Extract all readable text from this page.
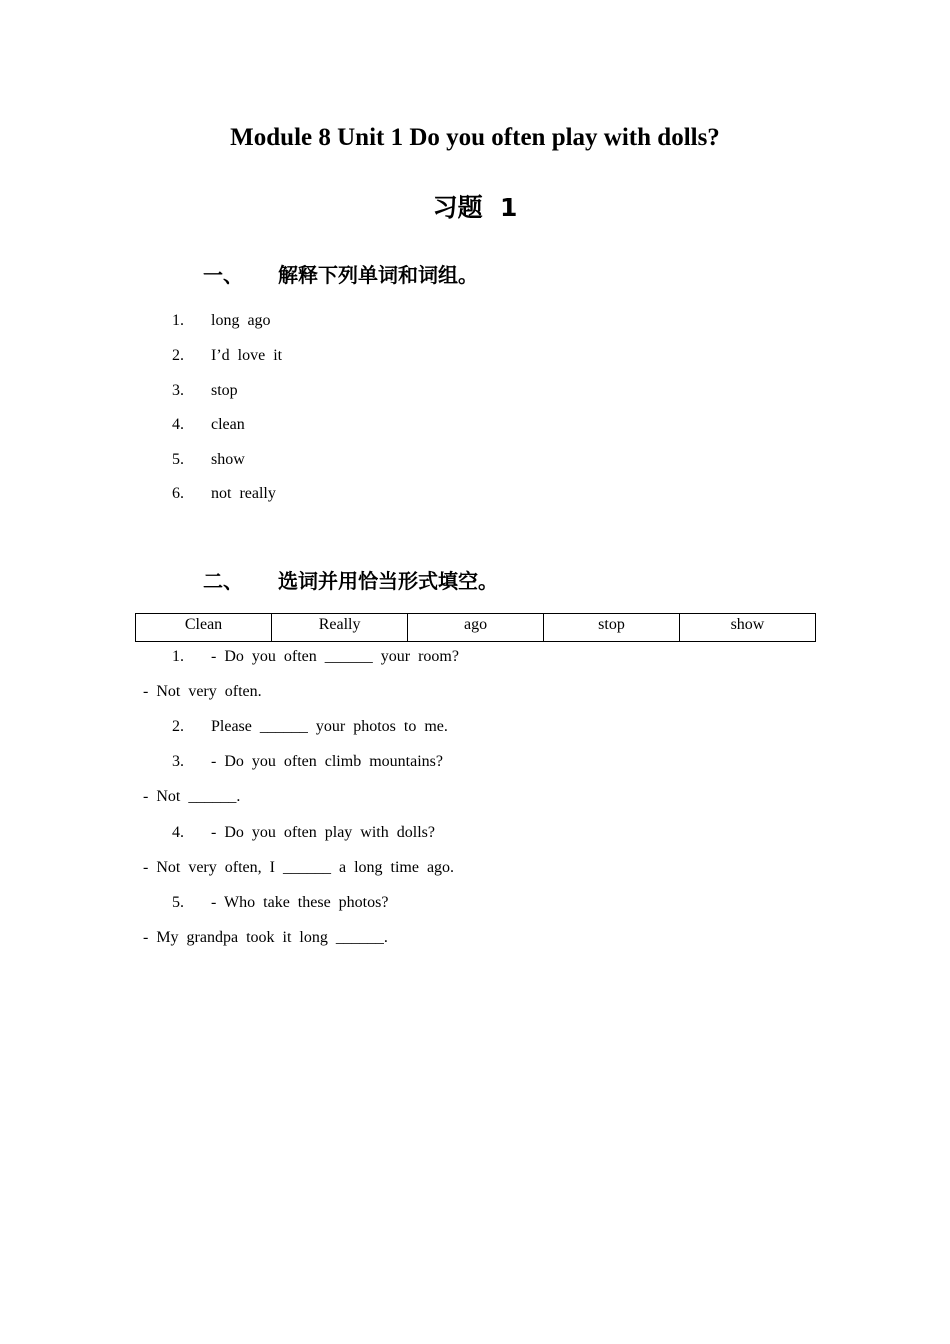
Module 8 Unit 1 Do you often play with dolls?
习题  1
一、 解释下列单词和词组。
1. long  ago
2. I’d  love  it
3. stop
4. clean
5. show
6. not  really
二、 选词并用恰当形式填空。
Clean	Really	ago	stop	show
1. -  Do  you  often  ______  your  room?
-  Not  very  often.
2. Please  ______  your  photos  to  me.
3. -  Do  you  often  climb  mountains?
-  Not  ______.
4. -  Do  you  often  play  with  dolls?
-  Not  very  often,  I  ______  a  long  time  ago.
5. -  Who  take  these  photos?
-  My  grandpa  took  it  long  ______.
